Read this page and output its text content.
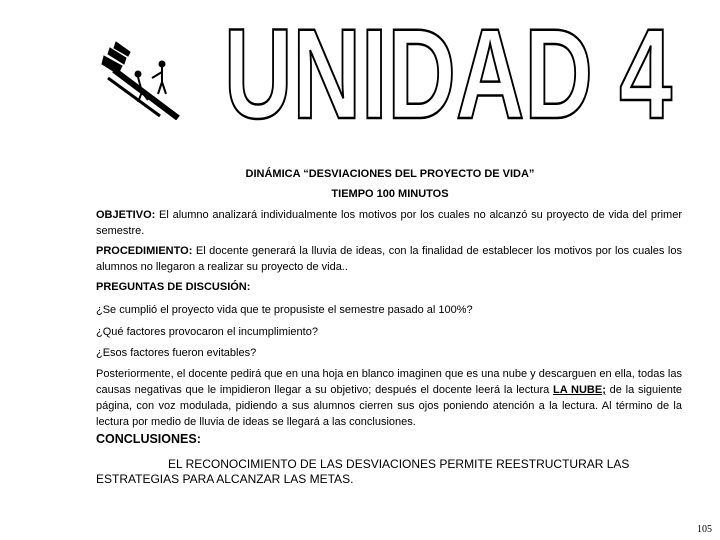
UNIDAD 4
DINÁMICA “DESVIACIONES DEL PROYECTO DE VIDA”
TIEMPO 100 MINUTOS
OBJETIVO: El alumno analizará individualmente los motivos por los cuales no alcanzó su proyecto de vida del primer semestre.
PROCEDIMIENTO: El docente generará la lluvia de ideas, con la finalidad de establecer los motivos por los cuales los alumnos no llegaron a realizar su proyecto de vida..
PREGUNTAS DE DISCUSIÓN:
¿Se cumplió el proyecto vida que te propusiste el semestre pasado al 100%?
¿Qué factores provocaron el incumplimiento?
¿Esos factores fueron evitables?
Posteriormente, el docente pedirá que en una hoja en blanco imaginen que es una nube y descarguen en ella, todas las causas negativas que le impidieron llegar a su objetivo; después el docente leerá la lectura LA NUBE; de la siguiente página, con voz modulada, pidiendo a sus alumnos cierren sus ojos poniendo atención a la lectura. Al término de la lectura por medio de lluvia de ideas se llegará a las conclusiones.
CONCLUSIONES:
EL RECONOCIMIENTO DE LAS DESVIACIONES PERMITE REESTRUCTURAR LAS ESTRATEGIAS PARA ALCANZAR LAS METAS.
105
